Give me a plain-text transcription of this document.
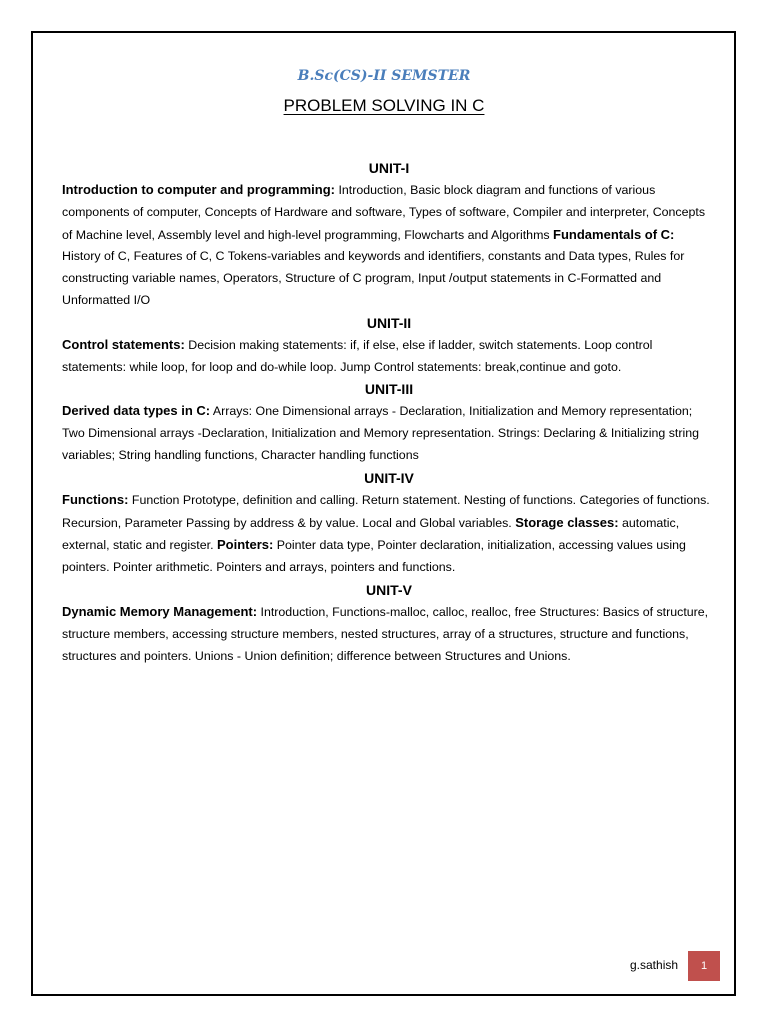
B.Sc(CS)-II SEMSTER
PROBLEM SOLVING IN C
UNIT-I

Introduction to computer and programming: Introduction, Basic block diagram and functions of various components of computer, Concepts of Hardware and software, Types of software, Compiler and interpreter, Concepts of Machine level, Assembly level and high-level programming, Flowcharts and Algorithms Fundamentals of C: History of C, Features of C, C Tokens-variables and keywords and identifiers, constants and Data types, Rules for constructing variable names, Operators, Structure of C program, Input /output statements in C-Formatted and Unformatted I/O

UNIT-II

Control statements: Decision making statements: if, if else, else if ladder, switch statements. Loop control statements: while loop, for loop and do-while loop. Jump Control statements: break,continue and goto.

UNIT-III

Derived data types in C: Arrays: One Dimensional arrays - Declaration, Initialization and Memory representation; Two Dimensional arrays -Declaration, Initialization and Memory representation. Strings: Declaring & Initializing string variables; String handling functions, Character handling functions

UNIT-IV

Functions: Function Prototype, definition and calling. Return statement. Nesting of functions. Categories of functions. Recursion, Parameter Passing by address & by value. Local and Global variables. Storage classes: automatic, external, static and register. Pointers: Pointer data type, Pointer declaration, initialization, accessing values using pointers. Pointer arithmetic. Pointers and arrays, pointers and functions.

UNIT-V

Dynamic Memory Management: Introduction, Functions-malloc, calloc, realloc, free Structures: Basics of structure, structure members, accessing structure members, nested structures, array of a structures, structure and functions, structures and pointers. Unions - Union definition; difference between Structures and Unions.

g.sathish	1
